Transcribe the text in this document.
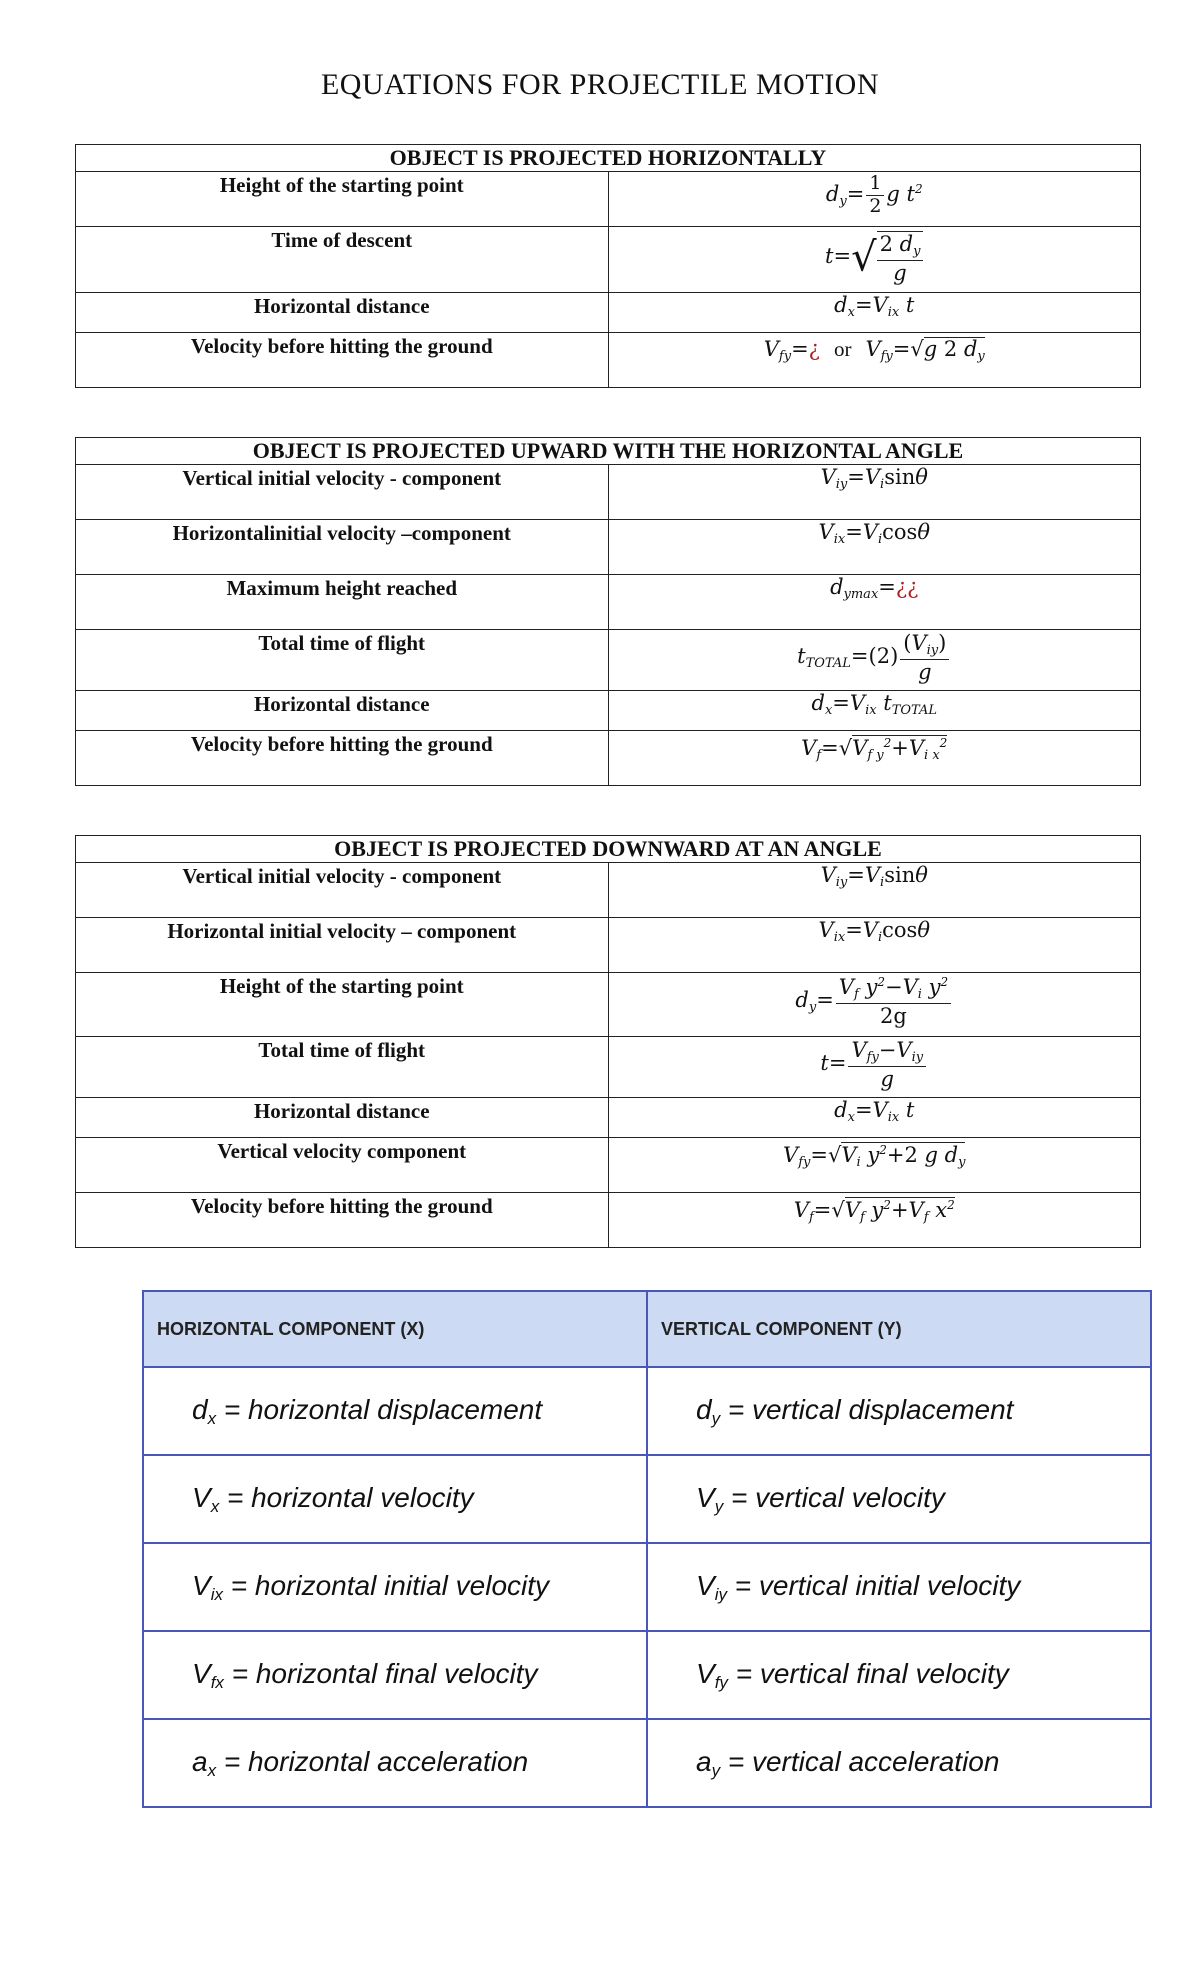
EQUATIONS FOR PROJECTILE MOTION
OBJECT IS PROJECTED HORIZONTALLY	
Height of the starting point	$d_y= \frac{1}{2}$ g $t^2$
Time of descent	$t=√ \frac{2 d_y}{g}$

Horizontal distance	$d_x=V_{ix}$ t
Velocity before hitting the ground	$V_{fy}=¿$ or $V_{fy}=√g$ 2 $d_y$
OBJECT IS PROJECTED UPWARD WITH THE HORIZONTAL ANGLE	
Vertical initial velocity - component	$V_{iy}=V_i\sin\theta$
Horizontalinitial velocity –component	$V_{ix}=V_i\cos\theta$
Maximum height reached	$d_{ymax}=¿¿$
Total time of flight	$t_{TOTAL}=(2) \frac{(V_{iy})}{g}$

Horizontal distance	$d_x=V_{ix}$ $t_{TOTAL}$
Velocity before hitting the ground	$V_f=√V_{f y}^2+V_{i x}^2$
OBJECT IS PROJECTED DOWNWARD AT AN ANGLE	
Vertical initial velocity - component	$V_{iy}=V_i\sin\theta$
Horizontal initial velocity – component	$V_{ix}=V_i\cos\theta$
Height of the starting point	$d_y= \frac{V_f y^2-V_i y^2}{2g}$

Total time of flight	$t= \frac{V_{fy}-V_{iy}}{g}$

Horizontal distance	$d_x=V_{ix}$ t
Vertical velocity component	$V_{fy}=√V_i$ $y^2+2$ g $d_y$
Velocity before hitting the ground	$V_f=√V_f$ $y^2+V_f$ $x^2$
HORIZONTAL COMPONENT (X)	VERTICAL COMPONENT (Y)
$d_x$ = horizontal displacement	$d_y$ = vertical displacement
$V_x$ = horizontal velocity	$V_y$ = vertical velocity
$V_{ix}$ = horizontal initial velocity	$V_{iy}$ = vertical initial velocity
$V_{fx}$ = horizontal final velocity	$V_{fy}$ = vertical final velocity
$a_x$ = horizontal acceleration	$a_y$ = vertical acceleration
